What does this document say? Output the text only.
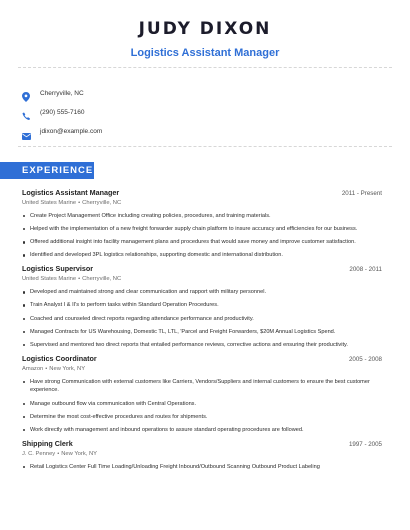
JUDY DIXON
Logistics Assistant Manager
Cherryville, NC
(290) 555-7160
jdixon@example.com
EXPERIENCE
Logistics Assistant Manager	2011 - Present
United States Marine • Cherryville, NC
Create Project Management Office including creating policies, procedures, and training materials.
Helped with the implementation of a new freight forwarder supply chain platform to insure accuracy and efficiencies for our business.
Offered additional insight into facility management plans and procedures that would save money and improve customer satisfaction.
Identified and developed 3PL logistics relationships, supporting domestic and international distribution.
Logistics Supervisor	2008 - 2011
United States Marine • Cherryville, NC
Developed and maintained strong and clear communication and rapport with military personnel.
Train Analyst I & II's to perform tasks within Standard Operation Procedures.
Coached and counseled direct reports regarding attendance performance and productivity.
Managed Contracts for US Warehousing, Domestic TL, LTL, 'Parcel and Freight Forwarders, $20M Annual Logistics Spend.
Supervised and mentored two direct reports that entailed performance reviews, corrective actions and ensuring their productivity.
Logistics Coordinator	2005 - 2008
Amazon • New York, NY
Have strong Communication with external customers like Carriers, Vendors/Suppliers and internal customers to ensure the best customer experience.
Manage outbound flow via communication with Central Operations.
Determine the most cost-effective procedures and routes for shipments.
Work directly with management and inbound operations to assure standard operating procedures are followed.
Shipping Clerk	1997 - 2005
J. C. Penney • New York, NY
Retail Logistics Center Full Time Loading/Unloading Freight Inbound/Outbound Scanning Outbound Product Labeling
